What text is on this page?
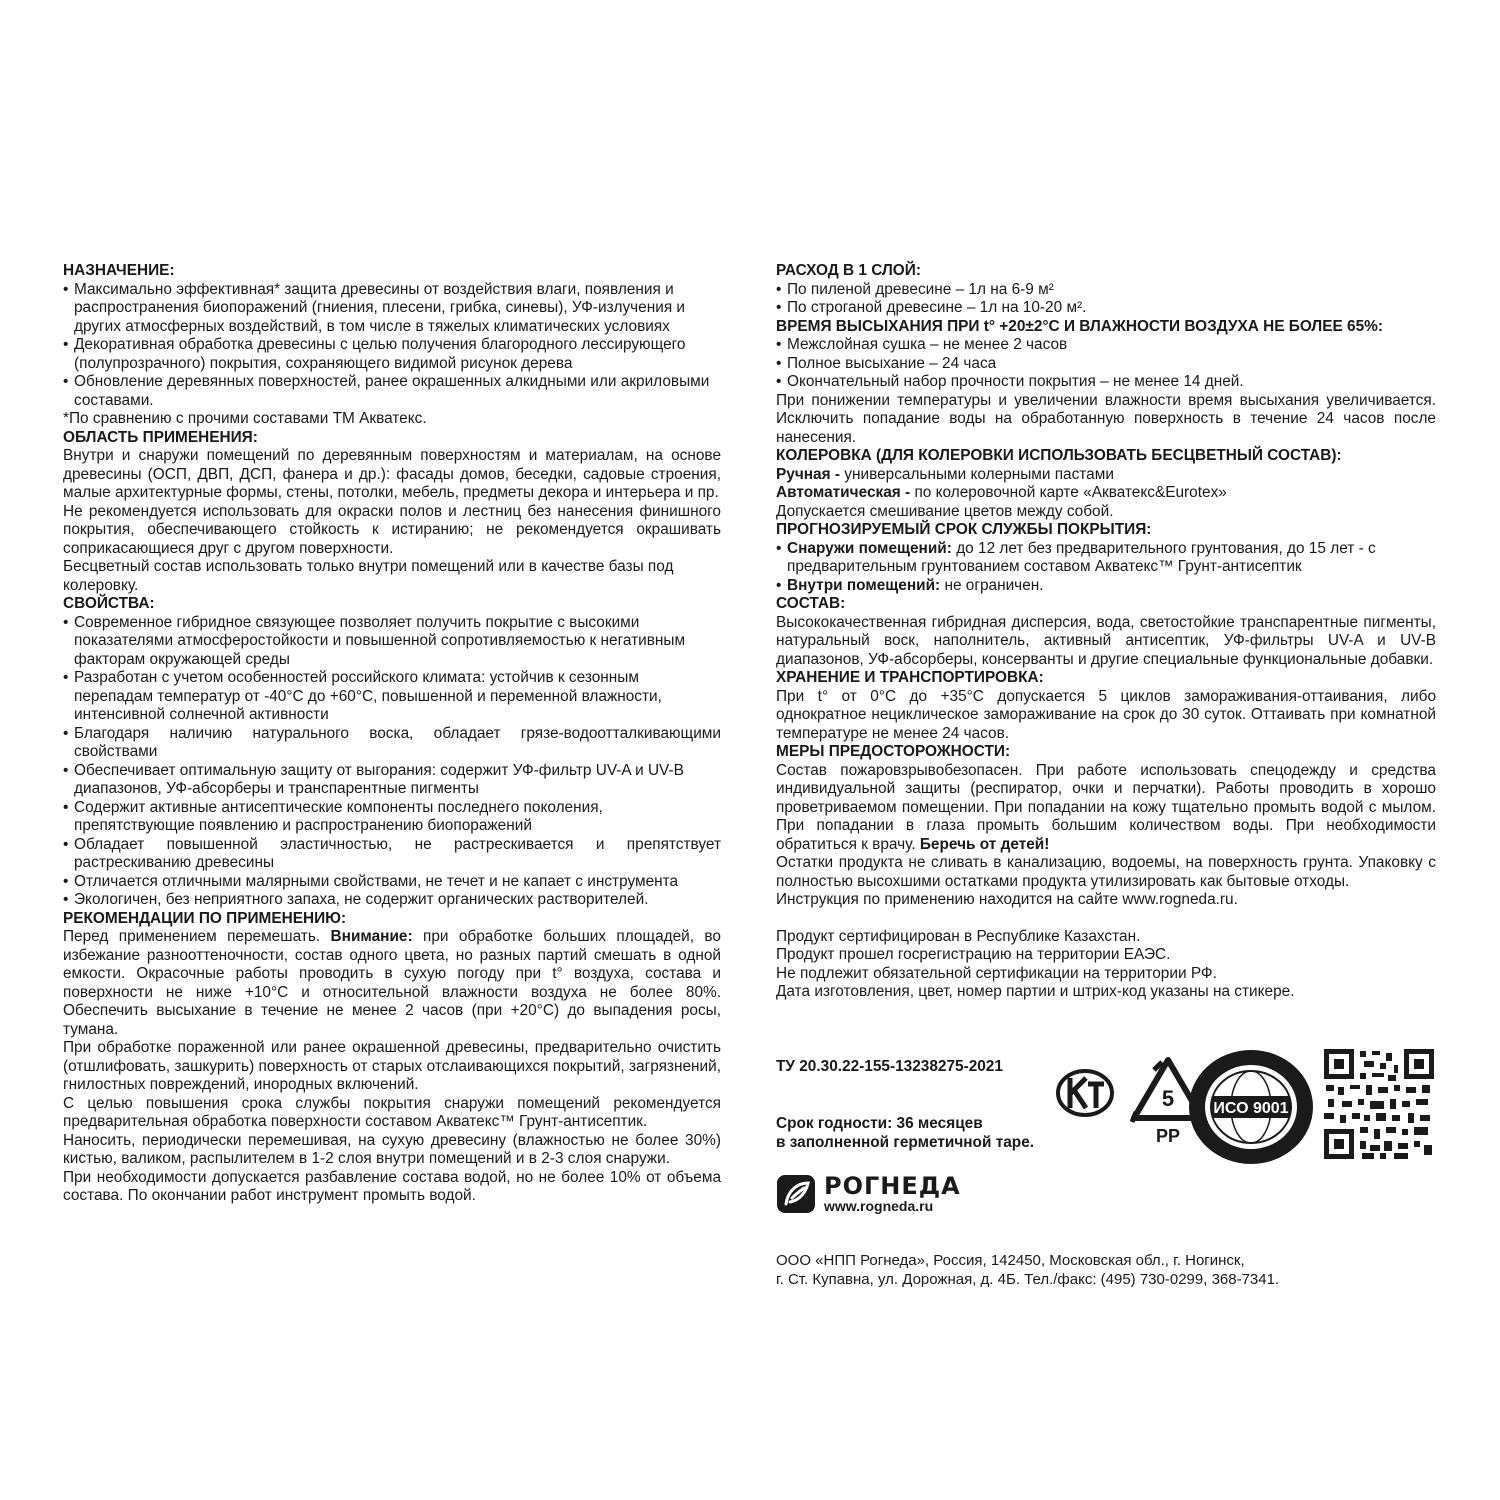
НАЗНАЧЕНИЕ:
• Максимально эффективная* защита древесины от воздействия влаги, появления и распространения биопоражений (гниения, плесени, грибка, синевы), УФ-излучения и других атмосферных воздействий, в том числе в тяжелых климатических условиях
• Декоративная обработка древесины с целью получения благородного лессирующего (полупрозрачного) покрытия, сохраняющего видимой рисунок дерева
• Обновление деревянных поверхностей, ранее окрашенных алкидными или акриловыми составами.
*По сравнению с прочими составами ТМ Акватекс.
ОБЛАСТЬ ПРИМЕНЕНИЯ:
Внутри и снаружи помещений по деревянным поверхностям и материалам, на основе древесины (ОСП, ДВП, ДСП, фанера и др.): фасады домов, беседки, садовые строения, малые архитектурные формы, стены, потолки, мебель, предметы декора и интерьера и пр.
Не рекомендуется использовать для окраски полов и лестниц без нанесения финишного покрытия, обеспечивающего стойкость к истиранию; не рекомендуется окрашивать соприкасающиеся друг с другом поверхности.
Бесцветный состав использовать только внутри помещений или в качестве базы под колеровку.
СВОЙСТВА:
• Современное гибридное связующее позволяет получить покрытие с высокими показателями атмосферостойкости и повышенной сопротивляемостью к негативным факторам окружающей среды
• Разработан с учетом особенностей российского климата: устойчив к сезонным перепадам температур от -40°С до +60°С, повышенной и переменной влажности, интенсивной солнечной активности
• Благодаря наличию натурального воска, обладает грязе-водоотталкивающими свойствами
• Обеспечивает оптимальную защиту от выгорания: содержит УФ-фильтр UV-A и UV-B диапазонов, УФ-абсорберы и транспарентные пигменты
• Содержит активные антисептические компоненты последнего поколения, препятствующие появлению и распространению биопоражений
• Обладает повышенной эластичностью, не растрескивается и препятствует растрескиванию древесины
• Отличается отличными малярными свойствами, не течет и не капает с инструмента
• Экологичен, без неприятного запаха, не содержит органических растворителей.
РЕКОМЕНДАЦИИ ПО ПРИМЕНЕНИЮ:
Перед применением перемешать. Внимание: при обработке больших площадей, во избежание разнооттеночности, состав одного цвета, но разных партий смешать в одной емкости. Окрасочные работы проводить в сухую погоду при t° воздуха, состава и поверхности не ниже +10°С и относительной влажности воздуха не более 80%. Обеспечить высыхание в течение не менее 2 часов (при +20°С) до выпадения росы, тумана.
При обработке пораженной или ранее окрашенной древесины, предварительно очистить (отшлифовать, зашкурить) поверхность от старых отслаивающихся покрытий, загрязнений, гнилостных повреждений, инородных включений.
С целью повышения срока службы покрытия снаружи помещений рекомендуется предварительная обработка поверхности составом Акватекс™ Грунт-антисептик.
Наносить, периодически перемешивая, на сухую древесину (влажностью не более 30%) кистью, валиком, распылителем в 1-2 слоя внутри помещений и в 2-3 слоя снаружи.
При необходимости допускается разбавление состава водой, но не более 10% от объема состава. По окончании работ инструмент промыть водой.
РАСХОД В 1 СЛОЙ:
• По пиленой древесине – 1л на 6-9 м²
• По строганой древесине – 1л на 10-20 м².
ВРЕМЯ ВЫСЫХАНИЯ ПРИ t° +20±2°С И ВЛАЖНОСТИ ВОЗДУХА НЕ БОЛЕЕ 65%:
• Межслойная сушка – не менее 2 часов
• Полное высыхание – 24 часа
• Окончательный набор прочности покрытия – не менее 14 дней.
При понижении температуры и увеличении влажности время высыхания увеличивается. Исключить попадание воды на обработанную поверхность в течение 24 часов после нанесения.
КОЛЕРОВКА (ДЛЯ КОЛЕРОВКИ ИСПОЛЬЗОВАТЬ БЕСЦВЕТНЫЙ СОСТАВ):
Ручная - универсальными колерными пастами
Автоматическая - по колеровочной карте «Акватекс&Eurotex»
Допускается смешивание цветов между собой.
ПРОГНОЗИРУЕМЫЙ СРОК СЛУЖБЫ ПОКРЫТИЯ:
• Снаружи помещений: до 12 лет без предварительного грунтования, до 15 лет - с предварительным грунтованием составом Акватекс™ Грунт-антисептик
• Внутри помещений: не ограничен.
СОСТАВ:
Высококачественная гибридная дисперсия, вода, светостойкие транспарентные пигменты, натуральный воск, наполнитель, активный антисептик, УФ-фильтры UV-A и UV-B диапазонов, УФ-абсорберы, консерванты и другие специальные функциональные добавки.
ХРАНЕНИЕ И ТРАНСПОРТИРОВКА:
При t° от 0°С до +35°С допускается 5 циклов замораживания-оттаивания, либо однократное нециклическое замораживание на срок до 30 суток. Оттаивать при комнатной температуре не менее 24 часов.
МЕРЫ ПРЕДОСТОРОЖНОСТИ:
Состав пожаровзрывобезопасен. При работе использовать спецодежду и средства индивидуальной защиты (респиратор, очки и перчатки). Работы проводить в хорошо проветриваемом помещении. При попадании на кожу тщательно промыть водой с мылом. При попадании в глаза промыть большим количеством воды. При необходимости обратиться к врачу. Беречь от детей!
Остатки продукта не сливать в канализацию, водоемы, на поверхность грунта. Упаковку с полностью высохшими остатками продукта утилизировать как бытовые отходы.
Инструкция по применению находится на сайте www.rogneda.ru.
Продукт сертифицирован в Республике Казахстан.
Продукт прошел госрегистрацию на территории ЕАЭС.
Не подлежит обязательной сертификации на территории РФ.
Дата изготовления, цвет, номер партии и штрих-код указаны на стикере.
ТУ 20.30.22-155-13238275-2021
Срок годности: 36 месяцев
в заполненной герметичной таре.
5
PP
ИСО 9001
РОГНЕДА
www.rogneda.ru
ООО «НПП Рогнеда», Россия, 142450, Московская обл., г. Ногинск,
г. Ст. Купавна, ул. Дорожная, д. 4Б. Тел./факс: (495) 730-0299, 368-7341.
